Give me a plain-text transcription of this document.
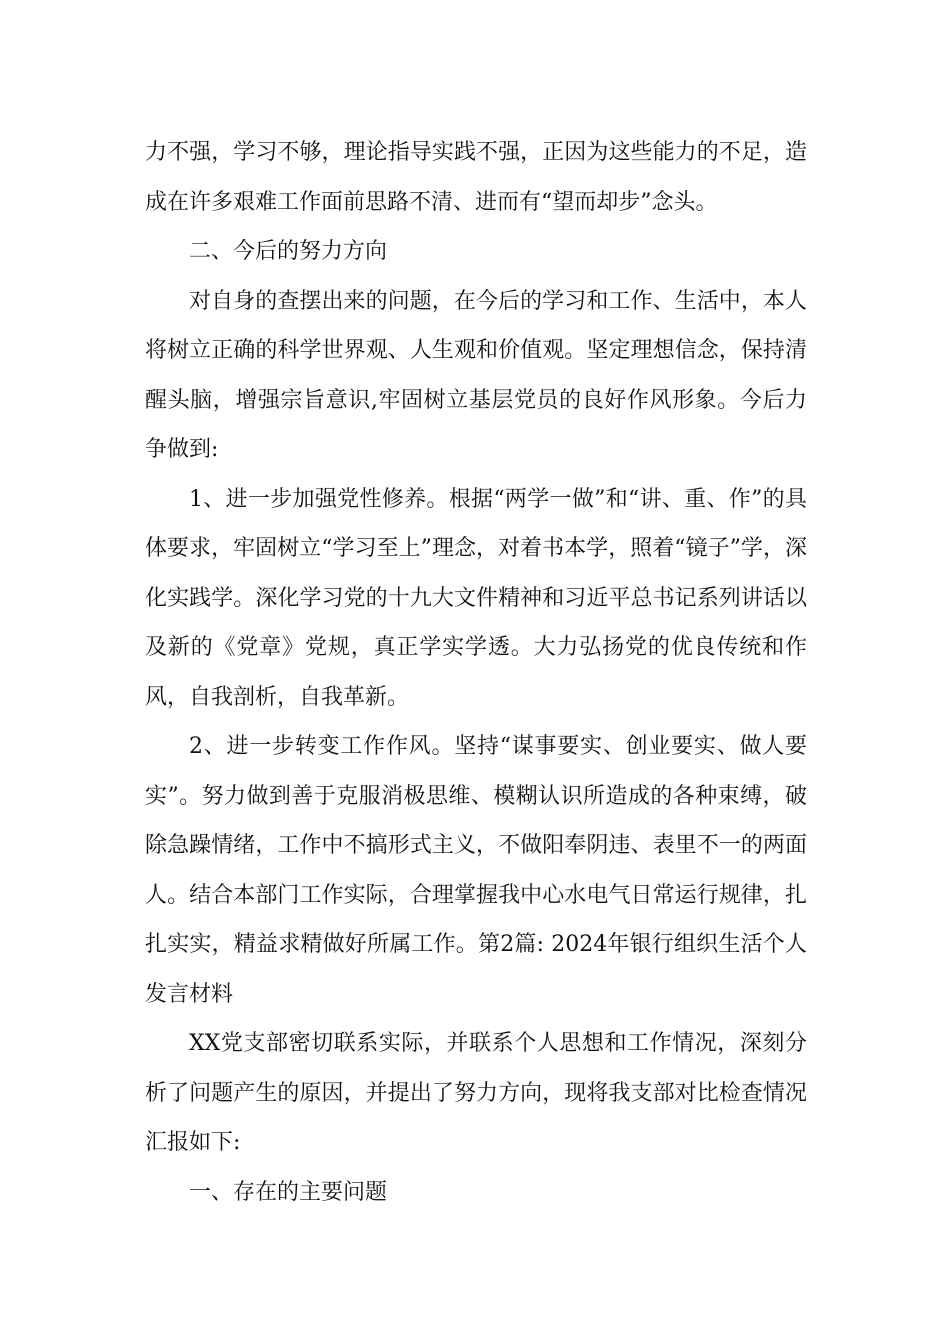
力不强，学习不够，理论指导实践不强，正因为这些能力的不足，造成在许多艰难工作面前思路不清、进而有“望而却步”念头。

二、今后的努力方向

对自身的查摆出来的问题，在今后的学习和工作、生活中，本人将树立正确的科学世界观、人生观和价值观。坚定理想信念，保持清醒头脑，增强宗旨意识,牢固树立基层党员的良好作风形象。今后力争做到:

1、进一步加强党性修养。根据“两学一做”和“讲、重、作”的具体要求，牢固树立“学习至上”理念，对着书本学，照着“镜子”学，深化实践学。深化学习党的十九大文件精神和习近平总书记系列讲话以及新的《党章》党规，真正学实学透。大力弘扬党的优良传统和作风，自我剖析，自我革新。

2、进一步转变工作作风。坚持“谋事要实、创业要实、做人要实”。努力做到善于克服消极思维、模糊认识所造成的各种束缚，破除急躁情绪，工作中不搞形式主义，不做阳奉阴违、表里不一的两面人。结合本部门工作实际，合理掌握我中心水电气日常运行规律，扎扎实实，精益求精做好所属工作。第2篇: 2024年银行组织生活个人发言材料

XX党支部密切联系实际，并联系个人思想和工作情况，深刻分析了问题产生的原因，并提出了努力方向，现将我支部对比检查情况汇报如下:

一、存在的主要问题
